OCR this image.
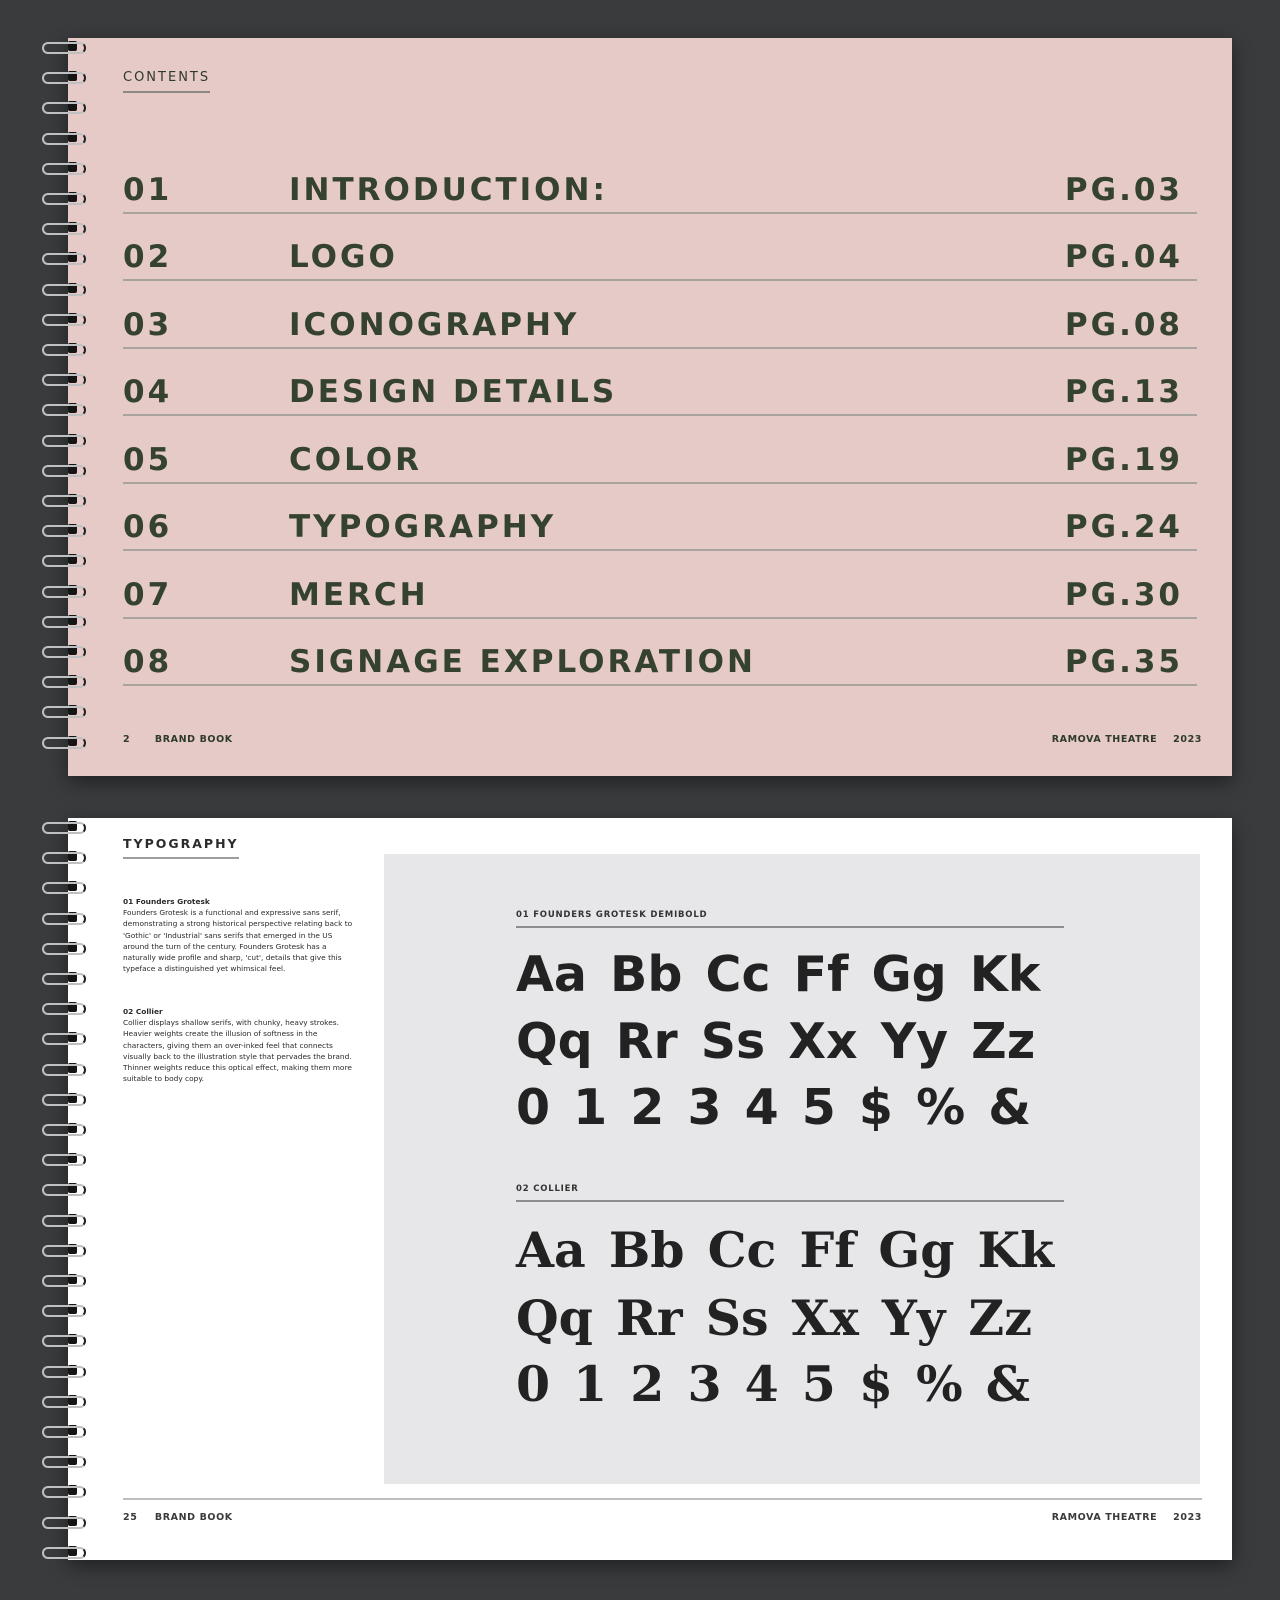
CONTENTS
01	INTRODUCTION:	PG.03
02	LOGO	PG.04
03	ICONOGRAPHY	PG.08
04	DESIGN DETAILS	PG.13
05	COLOR	PG.19
06	TYPOGRAPHY	PG.24
07	MERCH	PG.30
08	SIGNAGE EXPLORATION	PG.35
2	BRAND BOOK	RAMOVA THEATRE 2023
TYPOGRAPHY
01 Founders Grotesk
Founders Grotesk is a functional and expressive sans serif, demonstrating a strong historical perspective relating back to 'Gothic' or 'Industrial' sans serifs that emerged in the US around the turn of the century. Founders Grotesk has a naturally wide profile and sharp, 'cut', details that give this typeface a distinguished yet whimsical feel.
02 Collier
Collier displays shallow serifs, with chunky, heavy strokes. Heavier weights create the illusion of softness in the characters, giving them an over-inked feel that connects visually back to the illustration style that pervades the brand. Thinner weights reduce this optical effect, making them more suitable to body copy.
01 FOUNDERS GROTESK DEMIBOLD
Aa Bb Cc Ff Gg Kk
Qq Rr Ss Xx Yy Zz
0 1 2 3 4 5 $ % &
02 COLLIER
Aa Bb Cc Ff Gg Kk
Qq Rr Ss Xx Yy Zz
0 1 2 3 4 5 $ % &
25 BRAND BOOK	RAMOVA THEATRE 2023
